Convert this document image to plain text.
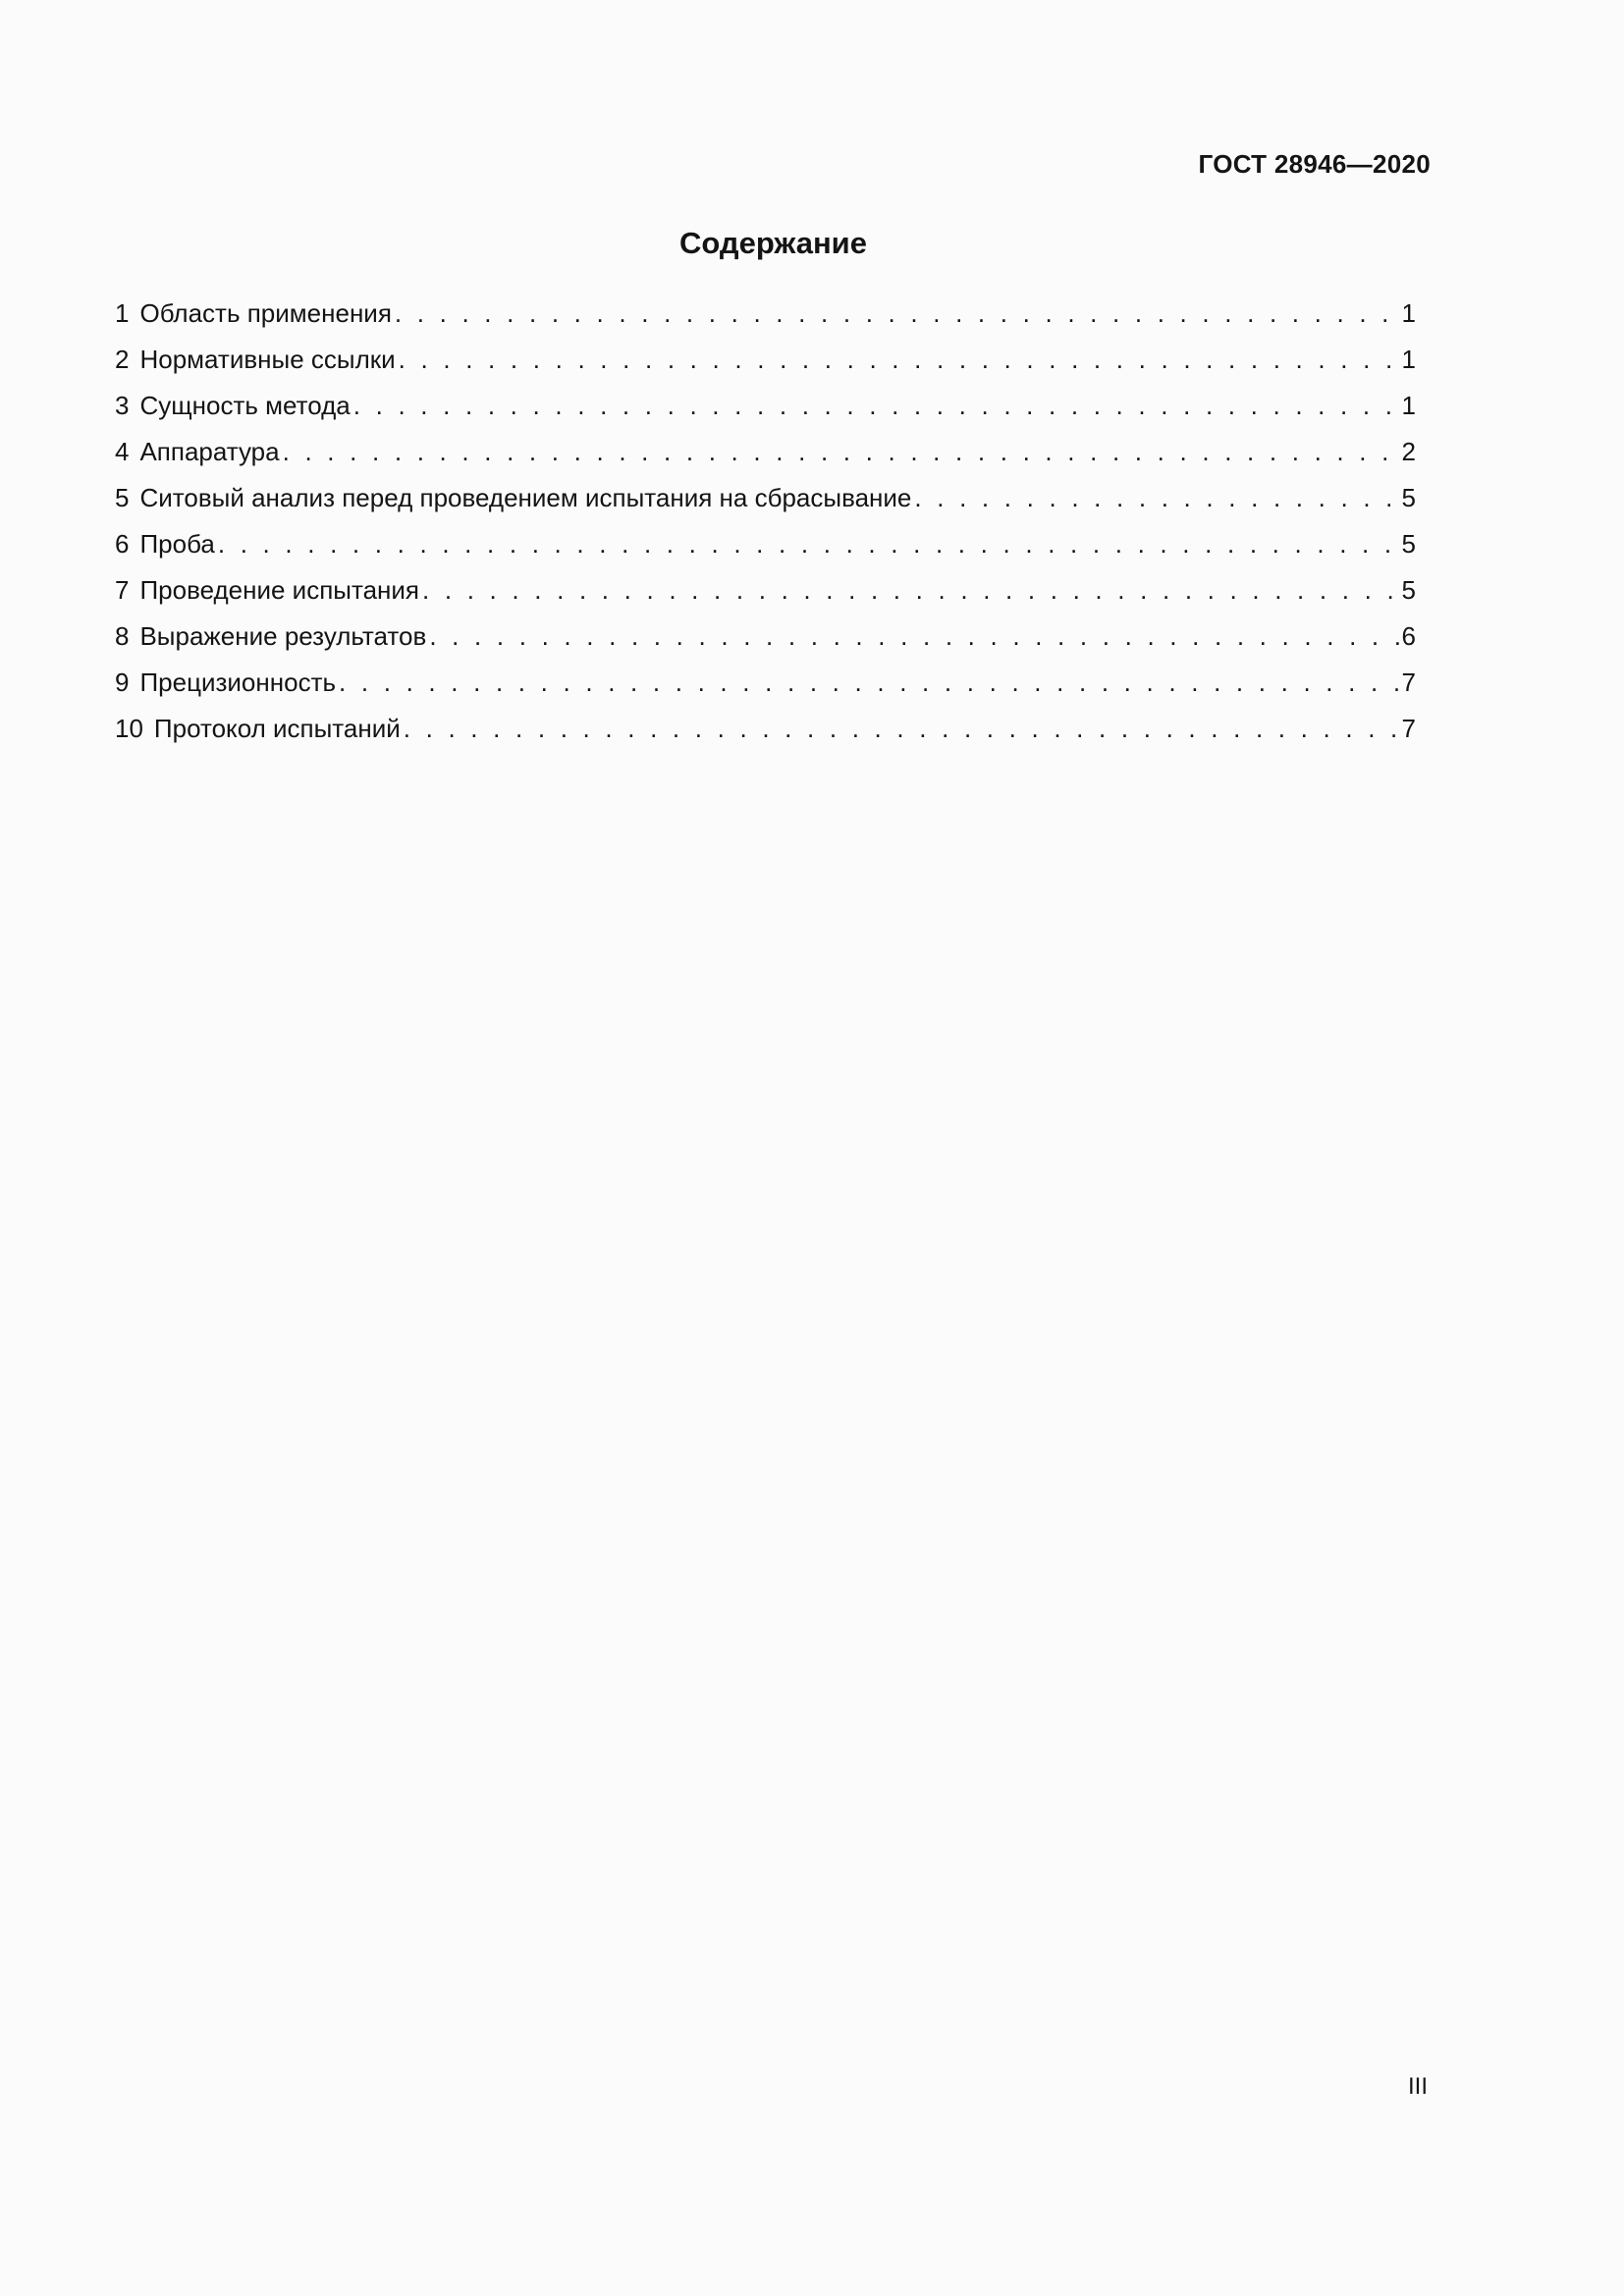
ГОСТ 28946—2020
Содержание
1 Область применения . . .	1
2 Нормативные ссылки . . .	1
3 Сущность метода . . .	1
4 Аппаратура . . .	2
5 Ситовый анализ перед проведением испытания на сбрасывание . . .	5
6 Проба . . .	5
7 Проведение испытания . . .	5
8 Выражение результатов . . .	6
9 Прецизионность . . .	7
10 Протокол испытаний . . .	7
III
